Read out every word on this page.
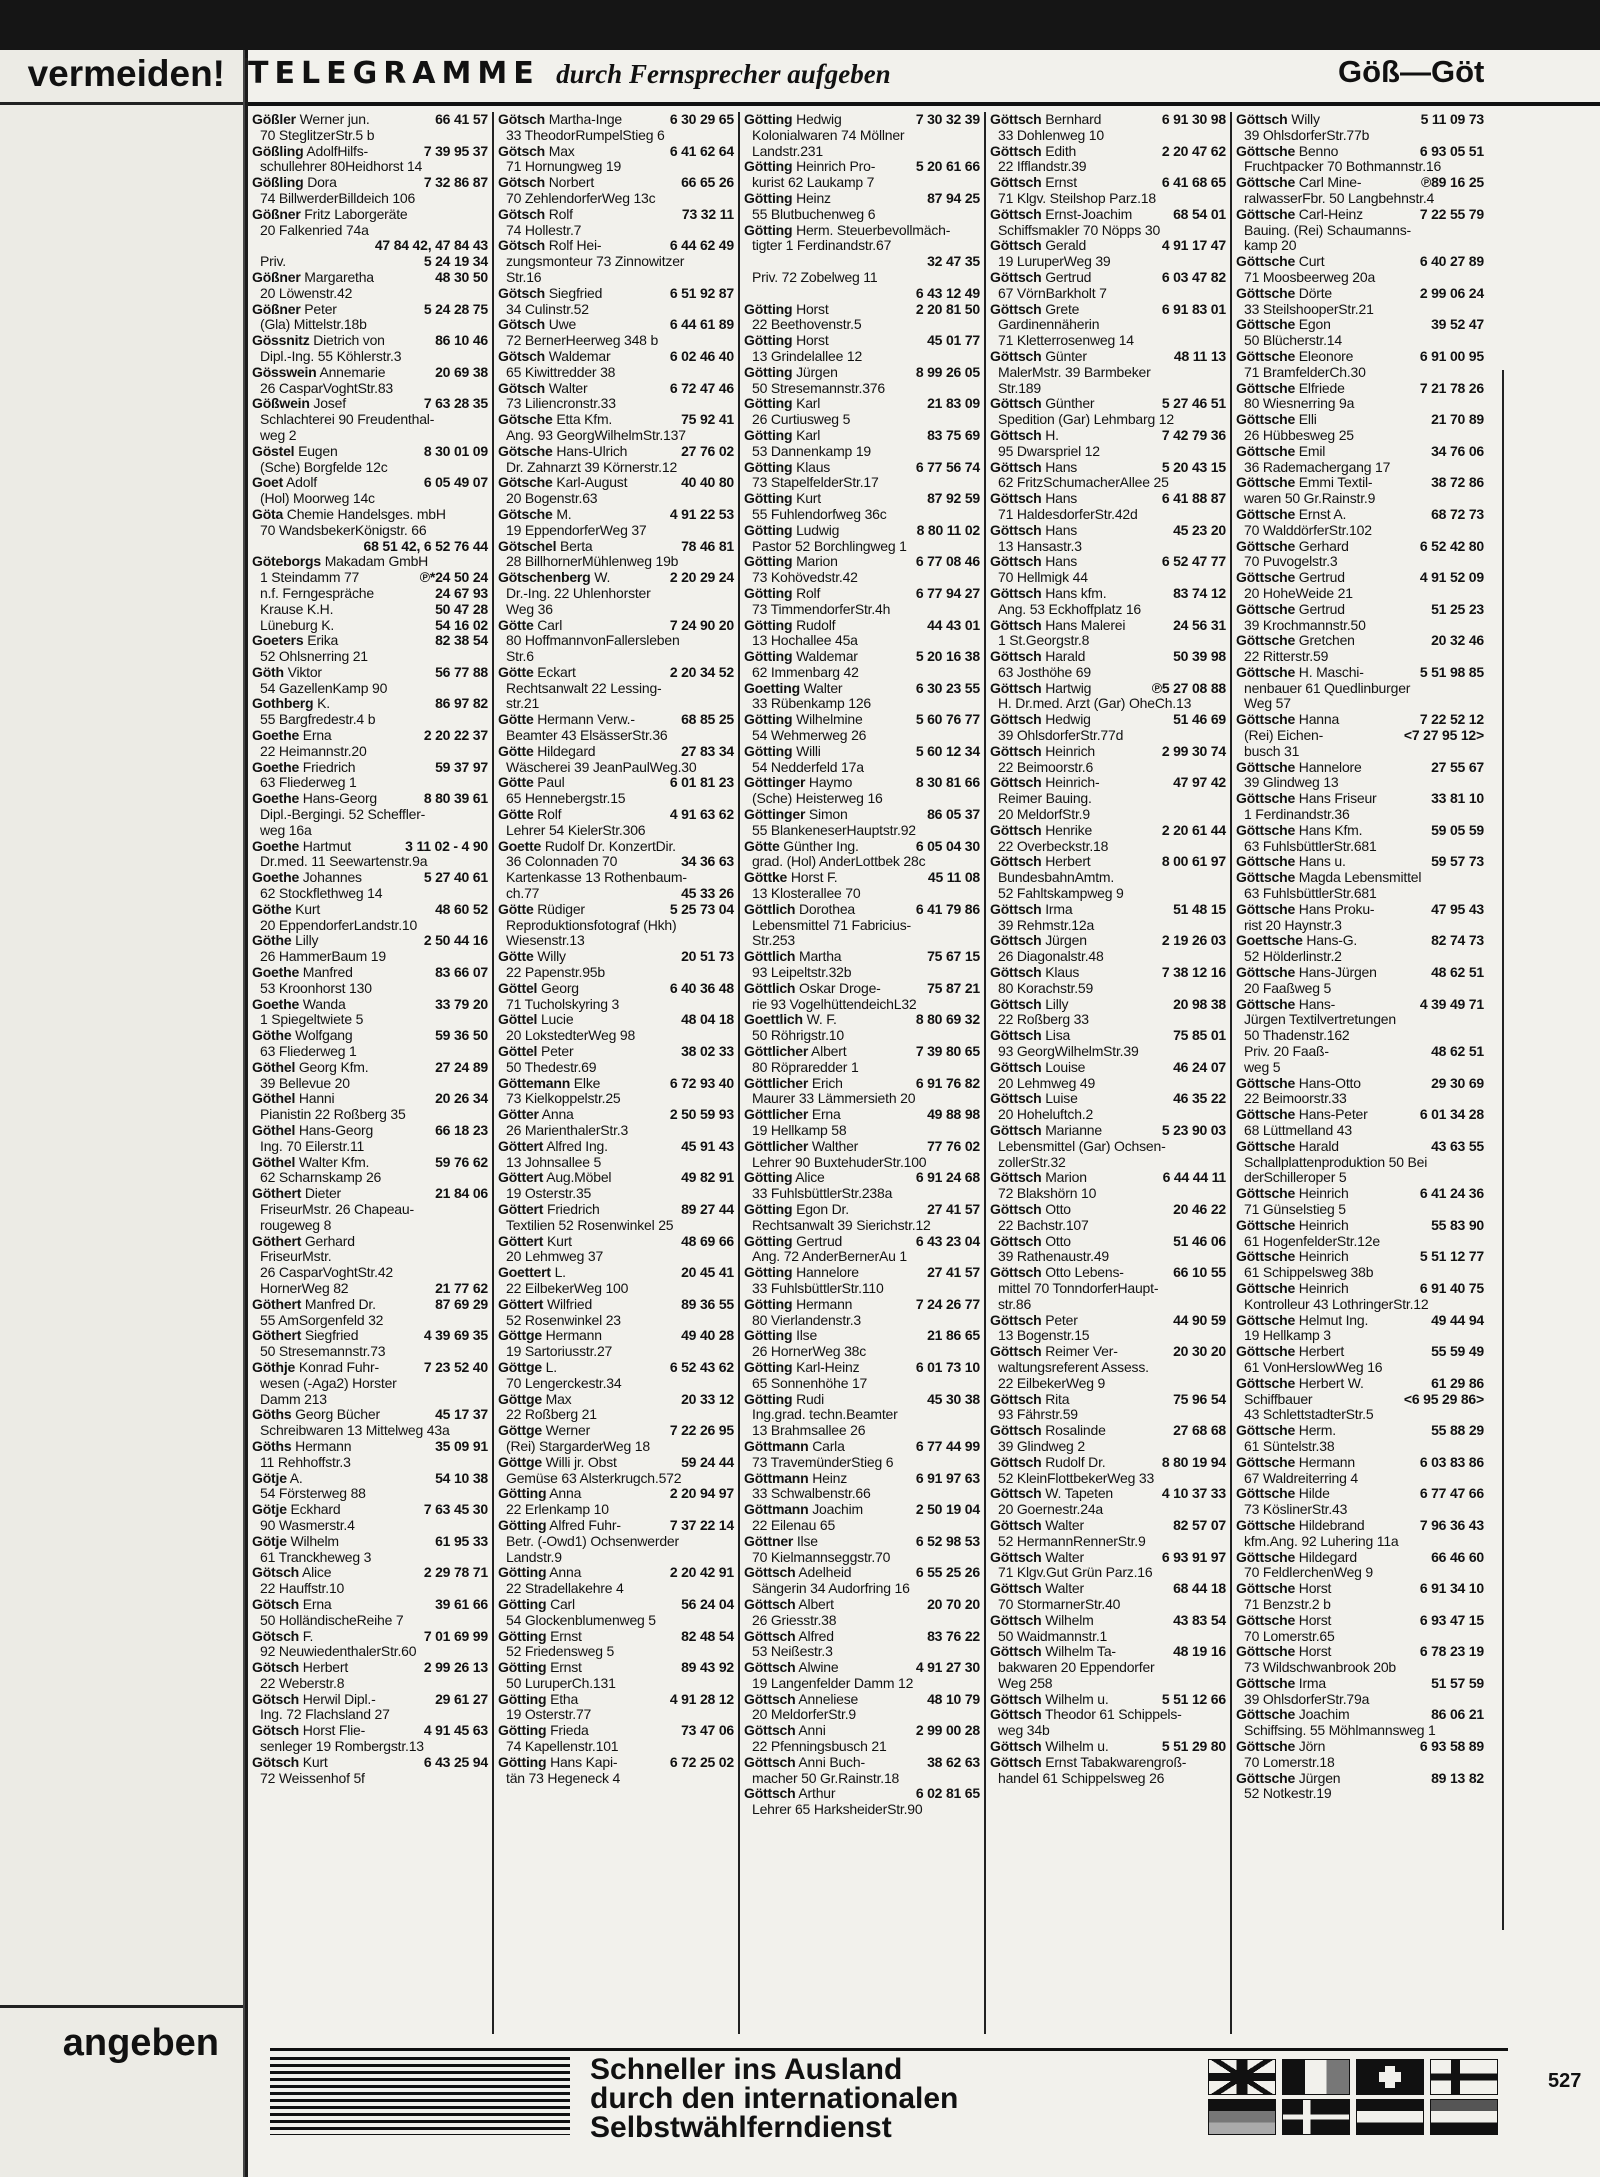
vermeiden!
angeben
TELEGRAMME durch Fernsprecher aufgeben	Göß—Göt
66 41 57
Gößler Werner jun.
70 SteglitzerStr.5 b
7 39 95 37
Gößling AdolfHilfs-
schullehrer 80Heidhorst 14
7 32 86 87
Gößling Dora
74 BillwerderBilldeich 106
Gößner Fritz Laborgeräte
20 Falkenried 74a
47 84 42, 47 84 43
5 24 19 34
Priv.
48 30 50
Gößner Margaretha
20 Löwenstr.42
5 24 28 75
Gößner Peter
(Gla) Mittelstr.18b
86 10 46
Gössnitz Dietrich von
Dipl.-Ing. 55 Köhlerstr.3
20 69 38
Gösswein Annemarie
26 CasparVoghtStr.83
7 63 28 35
Gößwein Josef
Schlachterei 90 Freudenthal-
weg 2
8 30 01 09
Göstel Eugen
(Sche) Borgfelde 12c
6 05 49 07
Goet Adolf
(Hol) Moorweg 14c
Göta Chemie Handelsges. mbH
70 WandsbekerKönigstr. 66
68 51 42, 6 52 76 44
Göteborgs Makadam GmbH
℗*24 50 24
1 Steindamm 77
24 67 93
n.f. Ferngespräche
50 47 28
Krause K.H.
54 16 02
Lüneburg K.
82 38 54
Goeters Erika
52 Ohlsnerring 21
56 77 88
Göth Viktor
54 GazellenKamp 90
86 97 82
Gothberg K.
55 Bargfredestr.4 b
2 20 22 37
Goethe Erna
22 Heimannstr.20
59 37 97
Goethe Friedrich
63 Fliederweg 1
8 80 39 61
Goethe Hans-Georg
Dipl.-Bergingi. 52 Scheffler-
weg 16a
3 11 02 - 4 90
Goethe Hartmut
Dr.med. 11 Seewartenstr.9a
5 27 40 61
Goethe Johannes
62 Stockflethweg 14
48 60 52
Göthe Kurt
20 EppendorferLandstr.10
2 50 44 16
Göthe Lilly
26 HammerBaum 19
83 66 07
Goethe Manfred
53 Kroonhorst 130
33 79 20
Goethe Wanda
1 Spiegeltwiete 5
59 36 50
Göthe Wolfgang
63 Fliederweg 1
27 24 89
Göthel Georg Kfm.
39 Bellevue 20
20 26 34
Göthel Hanni
Pianistin 22 Roßberg 35
66 18 23
Göthel Hans-Georg
Ing. 70 Eilerstr.11
59 76 62
Göthel Walter Kfm.
62 Scharnskamp 26
21 84 06
Göthert Dieter
FriseurMstr. 26 Chapeau-
rougeweg 8
Göthert Gerhard
FriseurMstr.
26 CasparVoghtStr.42
21 77 62
HornerWeg 82
87 69 29
Göthert Manfred Dr.
55 AmSorgenfeld 32
4 39 69 35
Göthert Siegfried
50 Stresemannstr.73
7 23 52 40
Göthje Konrad Fuhr-
wesen (-Aga2) Horster
Damm 213
45 17 37
Göths Georg Bücher
Schreibwaren 13 Mittelweg 43a
35 09 91
Göths Hermann
11 Rehhoffstr.3
54 10 38
Götje A.
54 Försterweg 88
7 63 45 30
Götje Eckhard
90 Wasmerstr.4
61 95 33
Götje Wilhelm
61 Tranckheweg 3
2 29 78 71
Götsch Alice
22 Hauffstr.10
39 61 66
Götsch Erna
50 HolländischeReihe 7
7 01 69 99
Götsch F.
92 NeuwiedenthalerStr.60
2 99 26 13
Götsch Herbert
22 Weberstr.8
29 61 27
Götsch Herwil Dipl.-
Ing. 72 Flachsland 27
4 91 45 63
Götsch Horst Flie-
senleger 19 Rombergstr.13
6 43 25 94
Götsch Kurt
72 Weissenhof 5f
6 30 29 65
Götsch Martha-Inge
33 TheodorRumpelStieg 6
6 41 62 64
Götsch Max
71 Hornungweg 19
66 65 26
Götsch Norbert
70 ZehlendorferWeg 13c
73 32 11
Götsch Rolf
74 Hollestr.7
6 44 62 49
Götsch Rolf Hei-
zungsmonteur 73 Zinnowitzer
Str.16
6 51 92 87
Götsch Siegfried
34 Culinstr.52
6 44 61 89
Götsch Uwe
72 BernerHeerweg 348 b
6 02 46 40
Götsch Waldemar
65 Kiwittredder 38
6 72 47 46
Götsch Walter
73 Liliencronstr.33
75 92 41
Götsche Etta Kfm.
Ang. 93 GeorgWilhelmStr.137
27 76 02
Götsche Hans-Ulrich
Dr. Zahnarzt 39 Körnerstr.12
40 40 80
Götsche Karl-August
20 Bogenstr.63
4 91 22 53
Götsche M.
19 EppendorferWeg 37
78 46 81
Götschel Berta
28 BillhornerMühlenweg 19b
2 20 29 24
Götschenberg W.
Dr.-Ing. 22 Uhlenhorster
Weg 36
7 24 90 20
Götte Carl
80 HoffmannvonFallersleben
Str.6
2 20 34 52
Götte Eckart
Rechtsanwalt 22 Lessing-
str.21
68 85 25
Götte Hermann Verw.-
Beamter 43 ElsässerStr.36
27 83 34
Götte Hildegard
Wäscherei 39 JeanPaulWeg.30
6 01 81 23
Götte Paul
65 Hennebergstr.15
4 91 63 62
Götte Rolf
Lehrer 54 KielerStr.306
Goette Rudolf Dr. KonzertDir.
34 36 63
36 Colonnaden 70
Kartenkasse 13 Rothenbaum-
45 33 26
ch.77
5 25 73 04
Götte Rüdiger
Reproduktionsfotograf (Hkh)
Wiesenstr.13
20 51 73
Götte Willy
22 Papenstr.95b
6 40 36 48
Göttel Georg
71 Tucholskyring 3
48 04 18
Göttel Lucie
20 LokstedterWeg 98
38 02 33
Göttel Peter
50 Thedestr.69
6 72 93 40
Göttemann Elke
73 Kielkoppelstr.25
2 50 59 93
Götter Anna
26 MarienthalerStr.3
45 91 43
Göttert Alfred Ing.
13 Johnsallee 5
49 82 91
Göttert Aug.Möbel
19 Osterstr.35
89 27 44
Göttert Friedrich
Textilien 52 Rosenwinkel 25
48 69 66
Göttert Kurt
20 Lehmweg 37
20 45 41
Goettert L.
22 EilbekerWeg 100
89 36 55
Göttert Wilfried
52 Rosenwinkel 23
49 40 28
Göttge Hermann
19 Sartoriusstr.27
6 52 43 62
Göttge L.
70 Lengerckestr.34
20 33 12
Göttge Max
22 Roßberg 21
7 22 26 95
Göttge Werner
(Rei) StargarderWeg 18
59 24 44
Göttge Willi jr. Obst
Gemüse 63 Alsterkrugch.572
2 20 94 97
Götting Anna
22 Erlenkamp 10
7 37 22 14
Götting Alfred Fuhr-
Betr. (-Owd1) Ochsenwerder
Landstr.9
2 20 42 91
Götting Anna
22 Stradellakehre 4
56 24 04
Götting Carl
54 Glockenblumenweg 5
82 48 54
Götting Ernst
52 Friedensweg 5
89 43 92
Götting Ernst
50 LuruperCh.131
4 91 28 12
Götting Etha
19 Osterstr.77
73 47 06
Götting Frieda
74 Kapellenstr.101
6 72 25 02
Götting Hans Kapi-
tän 73 Hegeneck 4
7 30 32 39
Götting Hedwig
Kolonialwaren 74 Möllner
Landstr.231
5 20 61 66
Götting Heinrich Pro-
kurist 62 Laukamp 7
87 94 25
Götting Heinz
55 Blutbuchenweg 6
Götting Herm. Steuerbevollmäch-
tigter 1 Ferdinandstr.67
32 47 35
Priv. 72 Zobelweg 11
6 43 12 49
2 20 81 50
Götting Horst
22 Beethovenstr.5
45 01 77
Götting Horst
13 Grindelallee 12
8 99 26 05
Götting Jürgen
50 Stresemannstr.376
21 83 09
Götting Karl
26 Curtiusweg 5
83 75 69
Götting Karl
53 Dannenkamp 19
6 77 56 74
Götting Klaus
73 StapelfelderStr.17
87 92 59
Götting Kurt
55 Fuhlendorfweg 36c
8 80 11 02
Götting Ludwig
Pastor 52 Borchlingweg 1
6 77 08 46
Götting Marion
73 Kohövedstr.42
6 77 94 27
Götting Rolf
73 TimmendorferStr.4h
44 43 01
Götting Rudolf
13 Hochallee 45a
5 20 16 38
Götting Waldemar
62 Immenbarg 42
6 30 23 55
Goetting Walter
33 Rübenkamp 126
5 60 76 77
Götting Wilhelmine
54 Wehmerweg 26
5 60 12 34
Götting Willi
54 Nedderfeld 17a
8 30 81 66
Göttinger Haymo
(Sche) Heisterweg 16
86 05 37
Göttinger Simon
55 BlankeneserHauptstr.92
6 05 04 30
Götte Günther Ing.
grad. (Hol) AnderLottbek 28c
45 11 08
Göttke Horst F.
13 Klosterallee 70
6 41 79 86
Göttlich Dorothea
Lebensmittel 71 Fabricius-
Str.253
75 67 15
Göttlich Martha
93 Leipeltstr.32b
75 87 21
Göttlich Oskar Droge-
rie 93 VogelhüttendeichL32
8 80 69 32
Goettlich W. F.
50 Röhrigstr.10
7 39 80 65
Göttlicher Albert
80 Röpraredder 1
6 91 76 82
Göttlicher Erich
Maurer 33 Lämmersieth 20
49 88 98
Göttlicher Erna
19 Hellkamp 58
77 76 02
Göttlicher Walther
Lehrer 90 BuxtehuderStr.100
6 91 24 68
Götting Alice
33 FuhlsbüttlerStr.238a
27 41 57
Götting Egon Dr.
Rechtsanwalt 39 Sierichstr.12
6 43 23 04
Götting Gertrud
Ang. 72 AnderBernerAu 1
27 41 57
Götting Hannelore
33 FuhlsbüttlerStr.110
7 24 26 77
Götting Hermann
80 Vierlandenstr.3
21 86 65
Götting Ilse
26 HornerWeg 38c
6 01 73 10
Götting Karl-Heinz
65 Sonnenhöhe 17
45 30 38
Götting Rudi
Ing.grad. techn.Beamter
13 Brahmsallee 26
6 77 44 99
Göttmann Carla
73 TravemünderStieg 6
6 91 97 63
Göttmann Heinz
33 Schwalbenstr.66
2 50 19 04
Göttmann Joachim
22 Eilenau 65
6 52 98 53
Göttner Ilse
70 Kielmannseggstr.70
6 55 25 26
Göttsch Adelheid
Sängerin 34 Audorfring 16
20 70 20
Göttsch Albert
26 Griesstr.38
83 76 22
Göttsch Alfred
53 Neißestr.3
4 91 27 30
Göttsch Alwine
19 Langenfelder Damm 12
48 10 79
Göttsch Anneliese
20 MeldorferStr.9
2 99 00 28
Göttsch Anni
22 Pfenningsbusch 21
38 62 63
Göttsch Anni Buch-
macher 50 Gr.Rainstr.18
6 02 81 65
Göttsch Arthur
Lehrer 65 HarksheiderStr.90
6 91 30 98
Göttsch Bernhard
33 Dohlenweg 10
2 20 47 62
Göttsch Edith
22 Ifflandstr.39
6 41 68 65
Göttsch Ernst
71 Klgv. Steilshop Parz.18
68 54 01
Göttsch Ernst-Joachim
Schiffsmakler 70 Nöpps 30
4 91 17 47
Göttsch Gerald
19 LuruperWeg 39
6 03 47 82
Göttsch Gertrud
67 VörnBarkholt 7
6 91 83 01
Göttsch Grete
Gardinennäherin
71 Kletterrosenweg 14
48 11 13
Göttsch Günter
MalerMstr. 39 Barmbeker
Str.189
5 27 46 51
Göttsch Günther
Spedition (Gar) Lehmbarg 12
7 42 79 36
Göttsch H.
95 Dwarspriel 12
5 20 43 15
Göttsch Hans
62 FritzSchumacherAllee 25
6 41 88 87
Göttsch Hans
71 HaldesdorferStr.42d
45 23 20
Göttsch Hans
13 Hansastr.3
6 52 47 77
Göttsch Hans
70 Hellmigk 44
83 74 12
Göttsch Hans kfm.
Ang. 53 Eckhoffplatz 16
24 56 31
Göttsch Hans Malerei
1 St.Georgstr.8
50 39 98
Göttsch Harald
63 Josthöhe 69
℗5 27 08 88
Göttsch Hartwig
H. Dr.med. Arzt (Gar) OheCh.13
51 46 69
Göttsch Hedwig
39 OhlsdorferStr.77d
2 99 30 74
Göttsch Heinrich
22 Beimoorstr.6
47 97 42
Göttsch Heinrich-
Reimer Bauing.
20 MeldorfStr.9
2 20 61 44
Göttsch Henrike
22 Overbeckstr.18
8 00 61 97
Göttsch Herbert
BundesbahnAmtm.
52 Fahltskampweg 9
51 48 15
Göttsch Irma
39 Rehmstr.12a
2 19 26 03
Göttsch Jürgen
26 Diagonalstr.48
7 38 12 16
Göttsch Klaus
80 Korachstr.59
20 98 38
Göttsch Lilly
22 Roßberg 33
75 85 01
Göttsch Lisa
93 GeorgWilhelmStr.39
46 24 07
Göttsch Louise
20 Lehmweg 49
46 35 22
Göttsch Luise
20 Hoheluftch.2
5 23 90 03
Göttsch Marianne
Lebensmittel (Gar) Ochsen-
zollerStr.32
6 44 44 11
Göttsch Marion
72 Blakshörn 10
20 46 22
Göttsch Otto
22 Bachstr.107
51 46 06
Göttsch Otto
39 Rathenaustr.49
66 10 55
Göttsch Otto Lebens-
mittel 70 TonndorferHaupt-
str.86
44 90 59
Göttsch Peter
13 Bogenstr.15
20 30 20
Göttsch Reimer Ver-
waltungsreferent Assess.
22 EilbekerWeg 9
75 96 54
Göttsch Rita
93 Fährstr.59
27 68 68
Göttsch Rosalinde
39 Glindweg 2
8 80 19 94
Göttsch Rudolf Dr.
52 KleinFlottbekerWeg 33
4 10 37 33
Göttsch W. Tapeten
20 Goernestr.24a
82 57 07
Göttsch Walter
52 HermannRennerStr.9
6 93 91 97
Göttsch Walter
71 Klgv.Gut Grün Parz.16
68 44 18
Göttsch Walter
70 StormarnerStr.40
43 83 54
Göttsch Wilhelm
50 Waidmannstr.1
48 19 16
Göttsch Wilhelm Ta-
bakwaren 20 Eppendorfer
Weg 258
5 51 12 66
Göttsch Wilhelm u.
Göttsch Theodor 61 Schippels-
weg 34b
5 51 29 80
Göttsch Wilhelm u.
Göttsch Ernst Tabakwarengroß-
handel 61 Schippelsweg 26
5 11 09 73
Göttsch Willy
39 OhlsdorferStr.77b
6 93 05 51
Göttsche Benno
Fruchtpacker 70 Bothmannstr.16
℗89 16 25
Göttsche Carl Mine-
ralwasserFbr. 50 Langbehnstr.4
7 22 55 79
Göttsche Carl-Heinz
Bauing. (Rei) Schaumanns-
kamp 20
6 40 27 89
Göttsche Curt
71 Moosbeerweg 20a
2 99 06 24
Göttsche Dörte
33 SteilshooperStr.21
39 52 47
Göttsche Egon
50 Blücherstr.14
6 91 00 95
Göttsche Eleonore
71 BramfelderCh.30
7 21 78 26
Göttsche Elfriede
80 Wiesnerring 9a
21 70 89
Göttsche Elli
26 Hübbesweg 25
34 76 06
Göttsche Emil
36 Rademachergang 17
38 72 86
Göttsche Emmi Textil-
waren 50 Gr.Rainstr.9
68 72 73
Göttsche Ernst A.
70 WalddörferStr.102
6 52 42 80
Göttsche Gerhard
70 Puvogelstr.3
4 91 52 09
Göttsche Gertrud
20 HoheWeide 21
51 25 23
Göttsche Gertrud
39 Krochmannstr.50
20 32 46
Göttsche Gretchen
22 Ritterstr.59
5 51 98 85
Göttsche H. Maschi-
nenbauer 61 Quedlinburger
Weg 57
7 22 52 12
Göttsche Hanna
<7 27 95 12>
(Rei) Eichen-
busch 31
27 55 67
Göttsche Hannelore
39 Glindweg 13
33 81 10
Göttsche Hans Friseur
1 Ferdinandstr.36
59 05 59
Göttsche Hans Kfm.
63 FuhlsbüttlerStr.681
59 57 73
Göttsche Hans u.
Göttsche Magda Lebensmittel
63 FuhlsbüttlerStr.681
47 95 43
Göttsche Hans Proku-
rist 20 Haynstr.3
82 74 73
Goettsche Hans-G.
52 Hölderlinstr.2
48 62 51
Göttsche Hans-Jürgen
20 Faaßweg 5
4 39 49 71
Göttsche Hans-
Jürgen Textilvertretungen
50 Thadenstr.162
48 62 51
Priv. 20 Faaß-
weg 5
29 30 69
Göttsche Hans-Otto
22 Beimoorstr.33
6 01 34 28
Göttsche Hans-Peter
68 Lüttmelland 43
43 63 55
Göttsche Harald
Schallplattenproduktion 50 Bei
derSchilleroper 5
6 41 24 36
Göttsche Heinrich
71 Günselstieg 5
55 83 90
Göttsche Heinrich
61 HogenfelderStr.12e
5 51 12 77
Göttsche Heinrich
61 Schippelsweg 38b
6 91 40 75
Göttsche Heinrich
Kontrolleur 43 LothringerStr.12
49 44 94
Göttsche Helmut Ing.
19 Hellkamp 3
55 59 49
Göttsche Herbert
61 VonHerslowWeg 16
61 29 86
Göttsche Herbert W.
<6 95 29 86>
Schiffbauer
43 SchlettstadterStr.5
55 88 29
Göttsche Herm.
61 Süntelstr.38
6 03 83 86
Göttsche Hermann
67 Waldreiterring 4
6 77 47 66
Göttsche Hilde
73 KöslinerStr.43
7 96 36 43
Göttsche Hildebrand
kfm.Ang. 92 Luhering 11a
66 46 60
Göttsche Hildegard
70 FeldlerchenWeg 9
6 91 34 10
Göttsche Horst
71 Benzstr.2 b
6 93 47 15
Göttsche Horst
70 Lomerstr.65
6 78 23 19
Göttsche Horst
73 Wildschwanbrook 20b
51 57 59
Göttsche Irma
39 OhlsdorferStr.79a
86 06 21
Göttsche Joachim
Schiffsing. 55 Möhlmannsweg 1
6 93 58 89
Göttsche Jörn
70 Lomerstr.18
89 13 82
Göttsche Jürgen
52 Notkestr.19
Schneller ins Ausland
durch den internationalen
Selbstwählferndienst
527
